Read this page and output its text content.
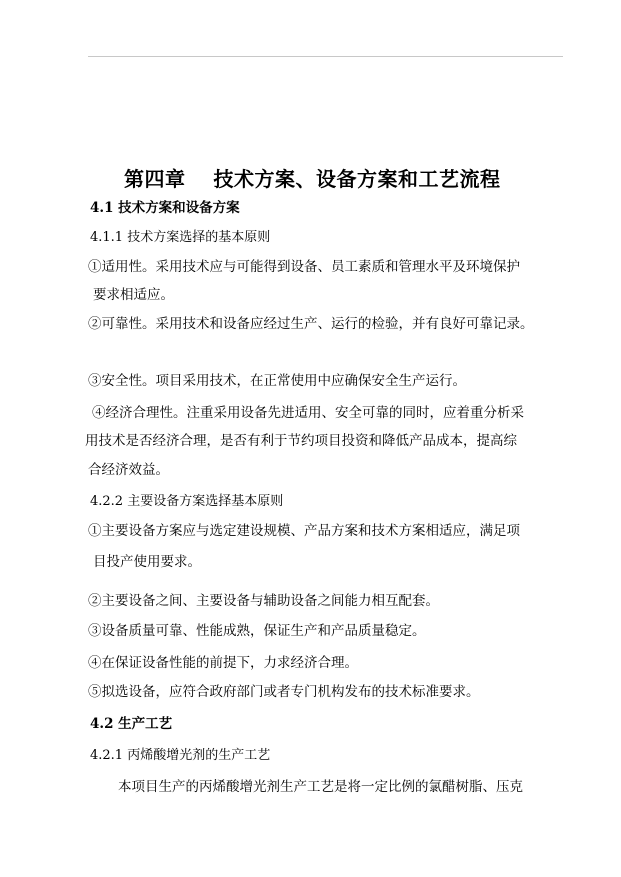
第四章 技术方案、设备方案和工艺流程
4.1 技术方案和设备方案
4.1.1 技术方案选择的基本原则
①适用性。采用技术应与可能得到设备、员工素质和管理水平及环境保护
要求相适应。
②可靠性。采用技术和设备应经过生产、运行的检验，并有良好可靠记录。
③安全性。项目采用技术，在正常使用中应确保安全生产运行。
④经济合理性。注重采用设备先进适用、安全可靠的同时，应着重分析采
用技术是否经济合理，是否有利于节约项目投资和降低产品成本，提高综
合经济效益。
4.2.2 主要设备方案选择基本原则
①主要设备方案应与选定建设规模、产品方案和技术方案相适应，满足项
目投产使用要求。
②主要设备之间、主要设备与辅助设备之间能力相互配套。
③设备质量可靠、性能成熟，保证生产和产品质量稳定。
④在保证设备性能的前提下，力求经济合理。
⑤拟选设备，应符合政府部门或者专门机构发布的技术标准要求。
4.2 生产工艺
4.2.1 丙烯酸增光剂的生产工艺
本项目生产的丙烯酸增光剂生产工艺是将一定比例的氯醋树脂、压克
